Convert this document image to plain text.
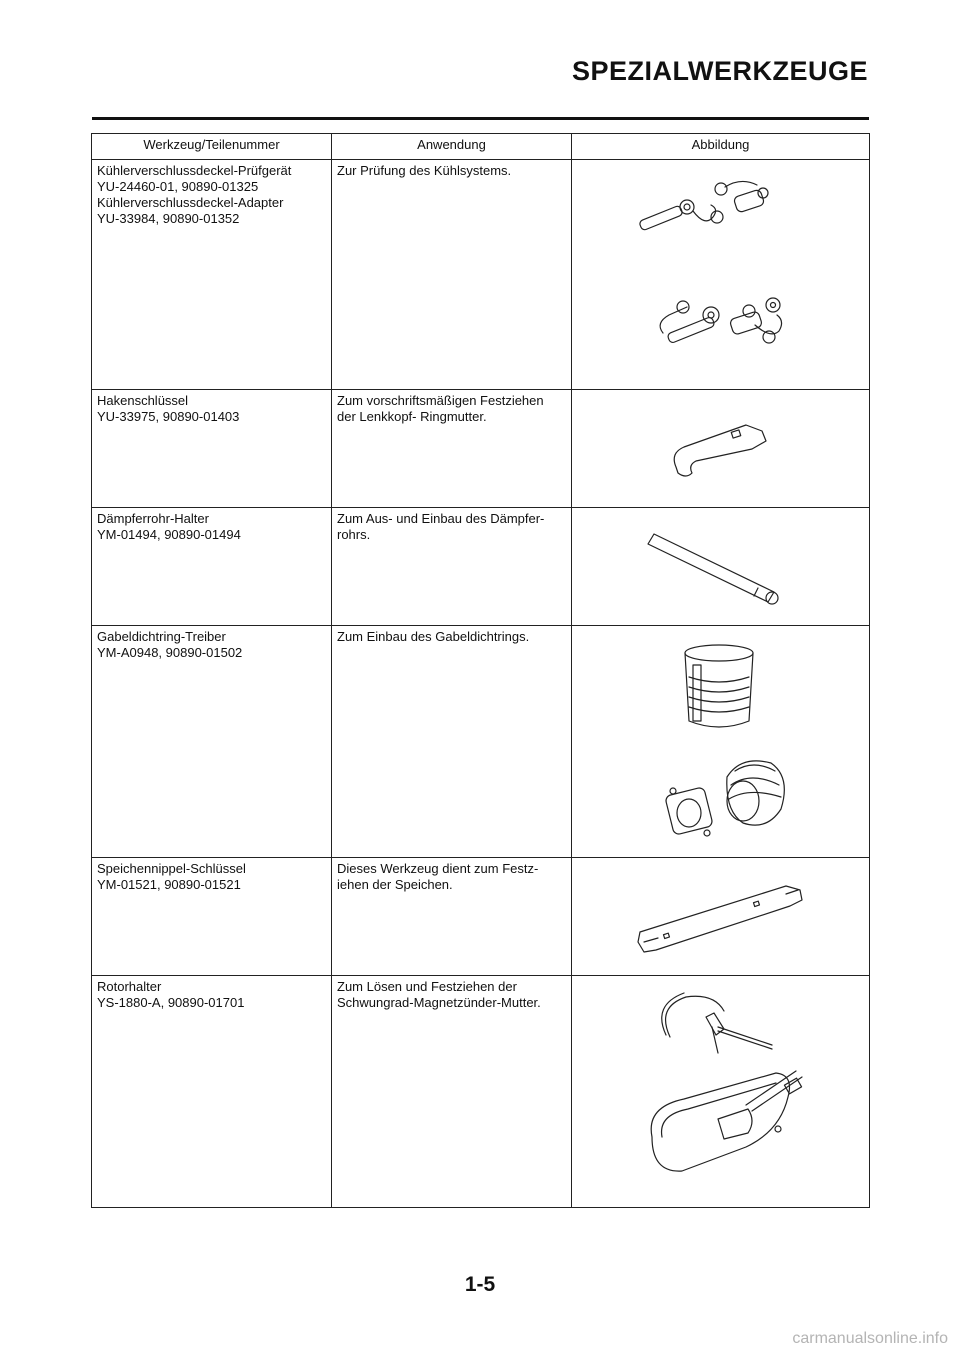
SPEZIALWERKZEUGE
Werkzeug/Teilenummer	Anwendung	Abbildung

Kühlerverschlussdeckel-Prüfgerät
YU-24460-01, 90890-01325
Kühlerverschlussdeckel-Adapter
YU-33984, 90890-01352	Zur Prüfung des Kühlsystems.

Hakenschlüssel
YU-33975, 90890-01403	Zum vorschriftsmäßigen Festziehen
der Lenkkopf- Ringmutter.

Dämpferrohr-Halter
YM-01494, 90890-01494	Zum Aus- und Einbau des Dämpfer-
rohrs.

Gabeldichtring-Treiber
YM-A0948, 90890-01502	Zum Einbau des Gabeldichtrings.

Speichennippel-Schlüssel
YM-01521, 90890-01521	Dieses Werkzeug dient zum Festz-
iehen der Speichen.

Rotorhalter
YS-1880-A, 90890-01701	Zum Lösen und Festziehen der
Schwungrad-Magnetzünder-Mutter.

1-5
carmanualsonline.info
